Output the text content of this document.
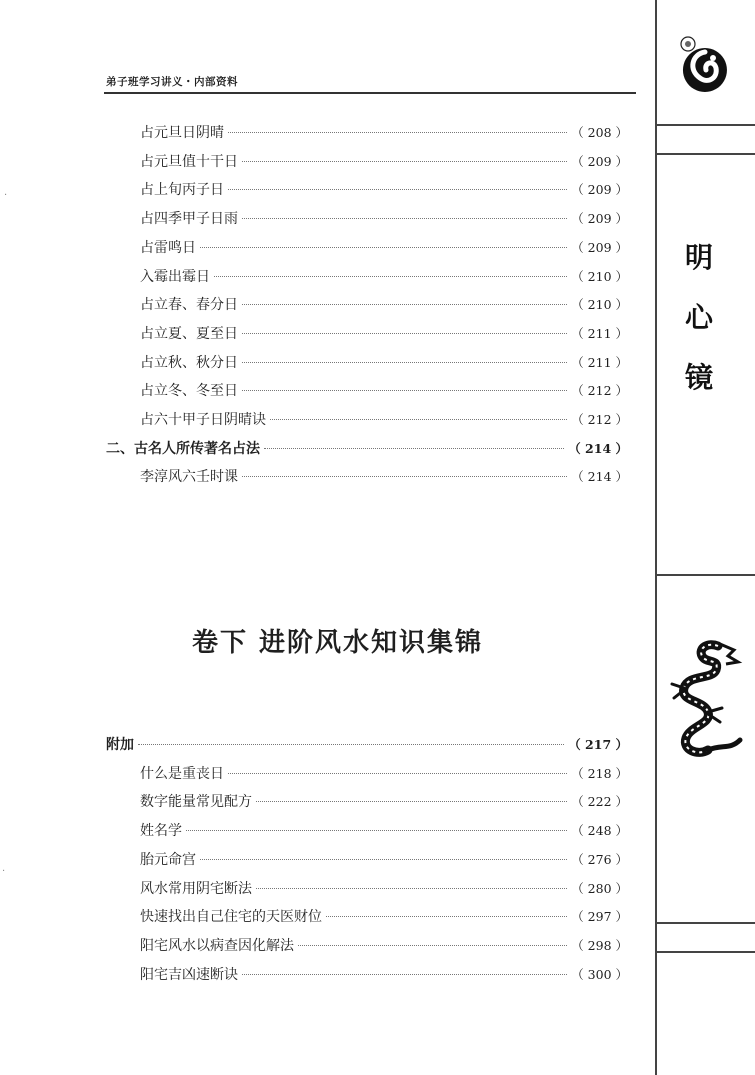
弟子班学习讲义・内部资料
占元旦日阴晴	（ 208 ）
占元旦值十干日	（ 209 ）
占上旬丙子日	（ 209 ）
占四季甲子日雨	（ 209 ）
占雷鸣日	（ 209 ）
入霉出霉日	（ 210 ）
占立春、春分日	（ 210 ）
占立夏、夏至日	（ 211 ）
占立秋、秋分日	（ 211 ）
占立冬、冬至日	（ 212 ）
占六十甲子日阴晴诀	（ 212 ）
二、古名人所传著名占法	（ 214 ）
李淳风六壬时课	（ 214 ）
卷下 进阶风水知识集锦
附加	（ 217 ）
什么是重丧日	（ 218 ）
数字能量常见配方	（ 222 ）
姓名学	（ 248 ）
胎元命宫	（ 276 ）
风水常用阴宅断法	（ 280 ）
快速找出自己住宅的天医财位	（ 297 ）
阳宅风水以病查因化解法	（ 298 ）
阳宅吉凶速断诀	（ 300 ）
明
心
镜
·
·
